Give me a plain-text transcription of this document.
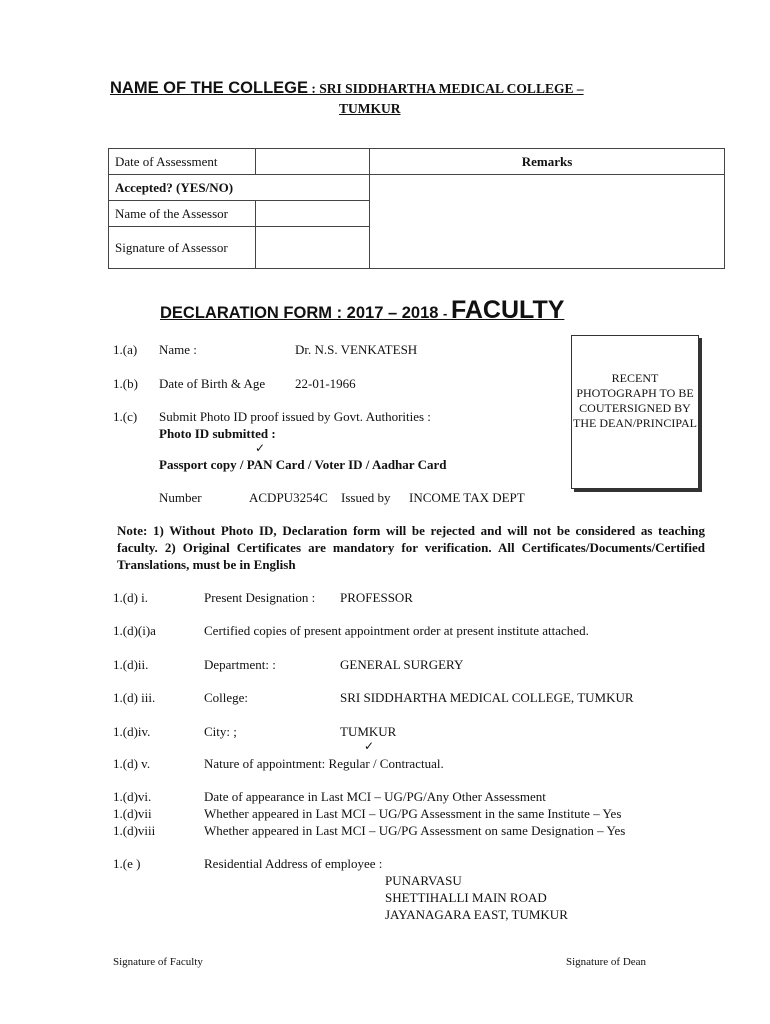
NAME OF THE COLLEGE : SRI SIDDHARTHA MEDICAL COLLEGE –
TUMKUR
Date of Assessment		Remarks
Accepted? (YES/NO)		
Name of the Assessor		
Signature of Assessor		
DECLARATION FORM : 2017 – 2018 - FACULTY
RECENT PHOTOGRAPH TO BE COUTERSIGNED BY THE DEAN/PRINCIPAL
1.(a) Name :	Dr. N.S. VENKATESH
1.(b) Date of Birth & Age 22-01-1966
1.(c) Submit Photo ID proof issued by Govt. Authorities :
Photo ID submitted :
✓
Passport copy / PAN Card / Voter ID / Aadhar Card
Number	ACDPU3254C Issued by INCOME TAX DEPT
Note: 1) Without Photo ID, Declaration form will be rejected and will not be considered as teaching faculty. 2) Original Certificates are mandatory for verification. All Certificates/Documents/Certified Translations, must be in English
1.(d) i.	Present Designation : PROFESSOR
1.(d)(i)a	Certified copies of present appointment order at present institute attached.
1.(d)ii.	Department: :	GENERAL SURGERY
1.(d) iii.	College:	SRI SIDDHARTHA MEDICAL COLLEGE, TUMKUR
1.(d)iv.	City: ;	TUMKUR
✓
1.(d) v.	Nature of appointment: Regular / Contractual.
1.(d)vi.	Date of appearance in Last MCI – UG/PG/Any Other Assessment
1.(d)vii	Whether appeared in Last MCI – UG/PG Assessment in the same Institute – Yes
1.(d)viii	Whether appeared in Last MCI – UG/PG Assessment on same Designation – Yes
1.(e )	Residential Address of employee :
PUNARVASU
SHETTIHALLI MAIN ROAD
JAYANAGARA EAST, TUMKUR
Signature of Faculty	Signature of Dean
